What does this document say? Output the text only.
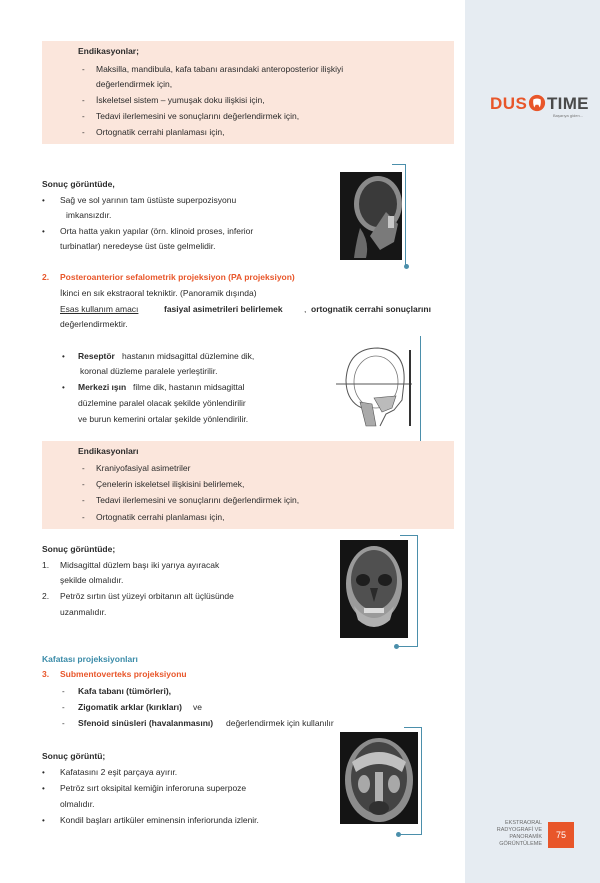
DUS TIME
Başarıya giden...
EKSTRAORAL RADYOGRAFİ VE PANORAMİK GÖRÜNTÜLEME
75
Endikasyonlar;
- Maksilla, mandibula, kafa tabanı arasındaki anteroposterior ilişkiyi
değerlendirmek için,
- İskeletsel sistem – yumuşak doku ilişkisi için,
- Tedavi ilerlemesini ve sonuçlarını değerlendirmek için,
- Ortognatik cerrahi planlaması için,
Sonuç görüntüde,
• Sağ ve sol yarının tam üstüste superpozisyonu
imkansızdır.
• Orta hatta yakın yapılar (örn. klinoid proses, inferior
turbinatlar) neredeyse üst üste gelmelidir.
2. Posteroanterior sefalometrik projeksiyon (PA projeksiyon)
İkinci en sık ekstraoral tekniktir. (Panoramik dışında)
Esas kullanım amacı	fasiyal asimetrileri belirlemek	, ortognatik cerrahi sonuçlarını
değerlendirmektir.
• Reseptör hastanın midsagittal düzlemine dik,
koronal düzleme paralele yerleştirilir.
• Merkezi ışın filme dik, hastanın midsagittal
düzlemine paralel olacak şekilde yönlendirilir
ve burun kemerini ortalar şekilde yönlendirilir.
Endikasyonları
- Kraniyofasiyal asimetriler
- Çenelerin iskeletsel ilişkisini belirlemek,
- Tedavi ilerlemesini ve sonuçlarını değerlendirmek için,
- Ortognatik cerrahi planlaması için,
Sonuç görüntüde;
1. Midsagittal düzlem başı iki yarıya ayıracak
şekilde olmalıdır.
2. Petröz sırtın üst yüzeyi orbitanın alt üçlüsünde
uzanmalıdır.
Kafatası projeksiyonları
3. Submentoverteks projeksiyonu
- Kafa tabanı (tümörleri),
- Zigomatik arklar (kırıkları) ve
- Sfenoid sinüsleri (havalanmasını) değerlendirmek için kullanılır
Sonuç görüntü;
• Kafatasını 2 eşit parçaya ayırır.
• Petröz sırt oksipital kemiğin inferoruna superpoze
olmalıdır.
• Kondil başları artiküler eminensin inferiorunda izlenir.
